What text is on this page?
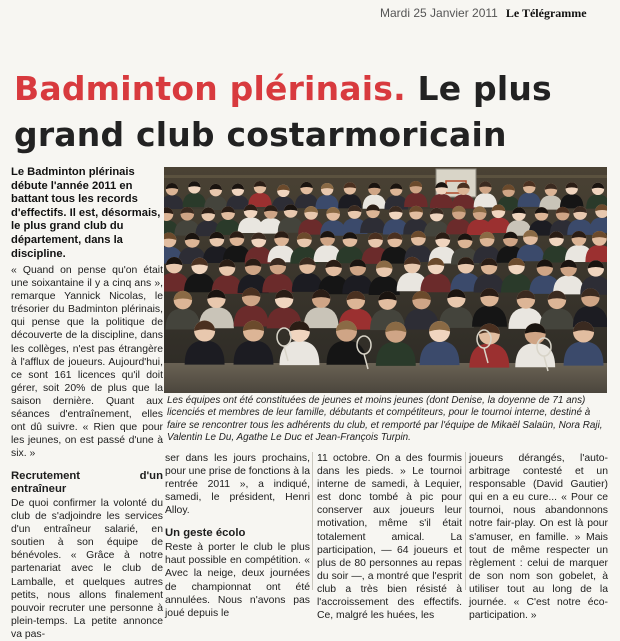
Mardi 25 Janvier 2011 Le Télégramme
Badminton plérinais. Le plus grand club costarmoricain
Le Badminton plérinais débute l'année 2011 en battant tous les records d'effectifs. Il est, désormais, le plus grand club du département, dans la discipline.

« Quand on pense qu'on était une soixantaine il y a cinq ans », remarque Yannick Nicolas, le trésorier du Badminton plérinais, qui pense que la politique de découverte de la discipline, dans les collèges, n'est pas étrangère à l'afflux de joueurs. Aujourd'hui, ce sont 161 licences qu'il doit gérer, soit 20% de plus que la saison dernière. Quant aux séances d'entraînement, elles ont dû suivre. « Rien que pour les jeunes, on est passé d'une à six. »

Recrutement d'un entraîneur

De quoi confirmer la volonté du club de s'adjoindre les services d'un entraîneur salarié, en soutien à son équipe de bénévoles. « Grâce à notre partenariat avec le club de Lamballe, et quelques autres petits, nous allons finalement pouvoir recruter une personne à plein-temps. La petite annonce va pas-

Les équipes ont été constituées de jeunes et moins jeunes (dont Denise, la doyenne de 71 ans) licenciés et membres de leur famille, débutants et compétiteurs, pour le tournoi interne, destiné à faire se rencontrer tous les adhérents du club, et remporté par l'équipe de Mikaël Salaün, Nora Raji, Valentin Le Du, Agathe Le Duc et Jean-François Turpin.

ser dans les jours prochains, pour une prise de fonctions à la rentrée 2011 », a indiqué, samedi, le président, Henri Alloy.

Un geste écolo

Reste à porter le club le plus haut possible en compétition. « Avec la neige, deux journées de championnat ont été annulées. Nous n'avons pas joué depuis le

11 octobre. On a des fourmis dans les pieds. » Le tournoi interne de samedi, à Lequier, est donc tombé à pic pour conserver aux joueurs leur motivation, même s'il était totalement amical. La participation, — 64 joueurs et plus de 80 personnes au repas du soir —, a montré que l'esprit club a très bien résisté à l'accroissement des effectifs. Ce, malgré les huées, les

joueurs dérangés, l'auto-arbitrage contesté et un responsable (David Gautier) qui en a eu cure... « Pour ce tournoi, nous abandonnons notre fair-play. On est là pour s'amuser, en famille. » Mais tout de même respecter un règlement : celui de marquer de son nom son gobelet, à utiliser tout au long de la journée. « C'est notre éco-participation. »
